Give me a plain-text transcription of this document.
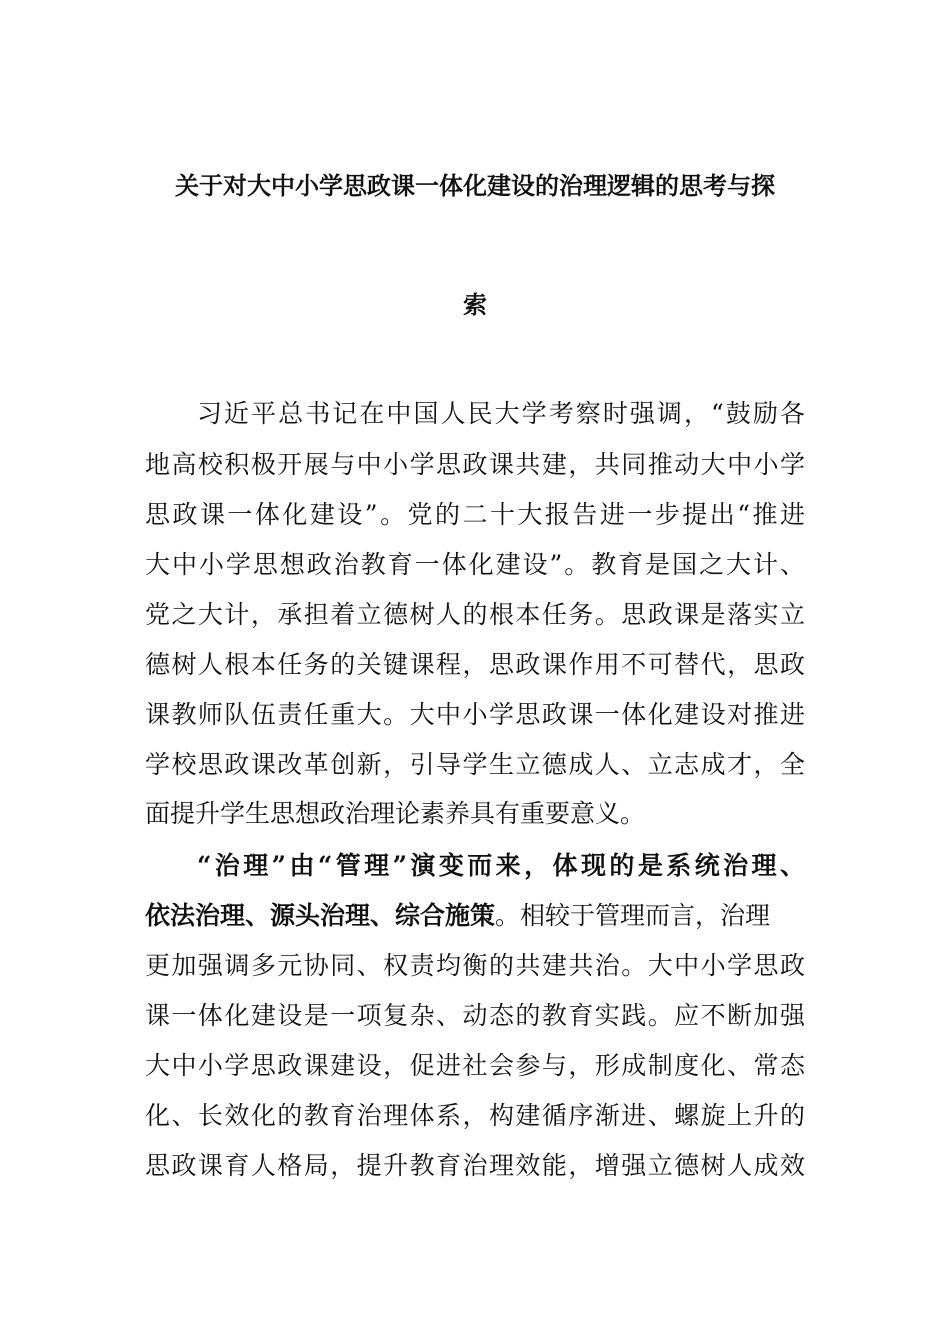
关于对大中小学思政课一体化建设的治理逻辑的思考与探
索
习近平总书记在中国人民大学考察时强调，“鼓励各
地高校积极开展与中小学思政课共建，共同推动大中小学
思政课一体化建设”。党的二十大报告进一步提出“推进
大中小学思想政治教育一体化建设”。教育是国之大计、
党之大计，承担着立德树人的根本任务。思政课是落实立
德树人根本任务的关键课程，思政课作用不可替代，思政
课教师队伍责任重大。大中小学思政课一体化建设对推进
学校思政课改革创新，引导学生立德成人、立志成才，全
面提升学生思想政治理论素养具有重要意义。
“治理”由“管理”演变而来，体现的是系统治理、
依法治理、源头治理、综合施策。相较于管理而言，治理
更加强调多元协同、权责均衡的共建共治。大中小学思政
课一体化建设是一项复杂、动态的教育实践。应不断加强
大中小学思政课建设，促进社会参与，形成制度化、常态
化、长效化的教育治理体系，构建循序渐进、螺旋上升的
思政课育人格局，提升教育治理效能，增强立德树人成效
